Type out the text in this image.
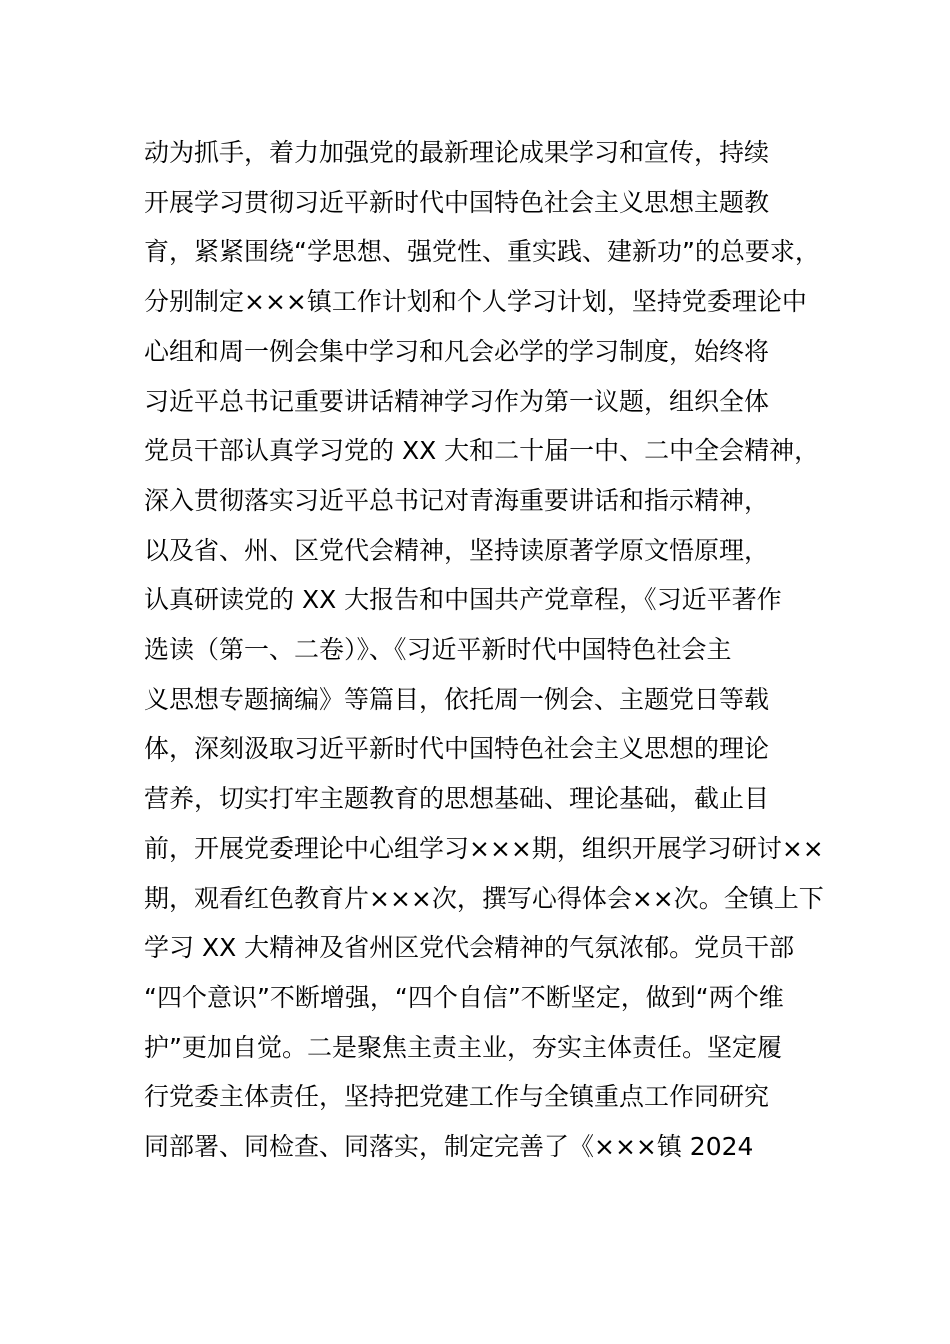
动为抓手，着力加强党的最新理论成果学习和宣传，持续
开展学习贯彻习近平新时代中国特色社会主义思想主题教
育，紧紧围绕“学思想、强党性、重实践、建新功”的总要求，
分别制定×××镇工作计划和个人学习计划，坚持党委理论中
心组和周一例会集中学习和凡会必学的学习制度，始终将
习近平总书记重要讲话精神学习作为第一议题，组织全体
党员干部认真学习党的 XX 大和二十届一中、二中全会精神，
深入贯彻落实习近平总书记对青海重要讲话和指示精神，
以及省、州、区党代会精神，坚持读原著学原文悟原理，
认真研读党的 XX 大报告和中国共产党章程，《习近平著作
选读（第一、二卷）》、《习近平新时代中国特色社会主
义思想专题摘编》等篇目，依托周一例会、主题党日等载
体，深刻汲取习近平新时代中国特色社会主义思想的理论
营养，切实打牢主题教育的思想基础、理论基础，截止目
前，开展党委理论中心组学习×××期，组织开展学习研讨××
期，观看红色教育片×××次，撰写心得体会××次。全镇上下
学习 XX 大精神及省州区党代会精神的气氛浓郁。党员干部
“四个意识”不断增强，“四个自信”不断坚定，做到“两个维
护”更加自觉。二是聚焦主责主业，夯实主体责任。坚定履
行党委主体责任，坚持把党建工作与全镇重点工作同研究
同部署、同检查、同落实，制定完善了《×××镇 2024
